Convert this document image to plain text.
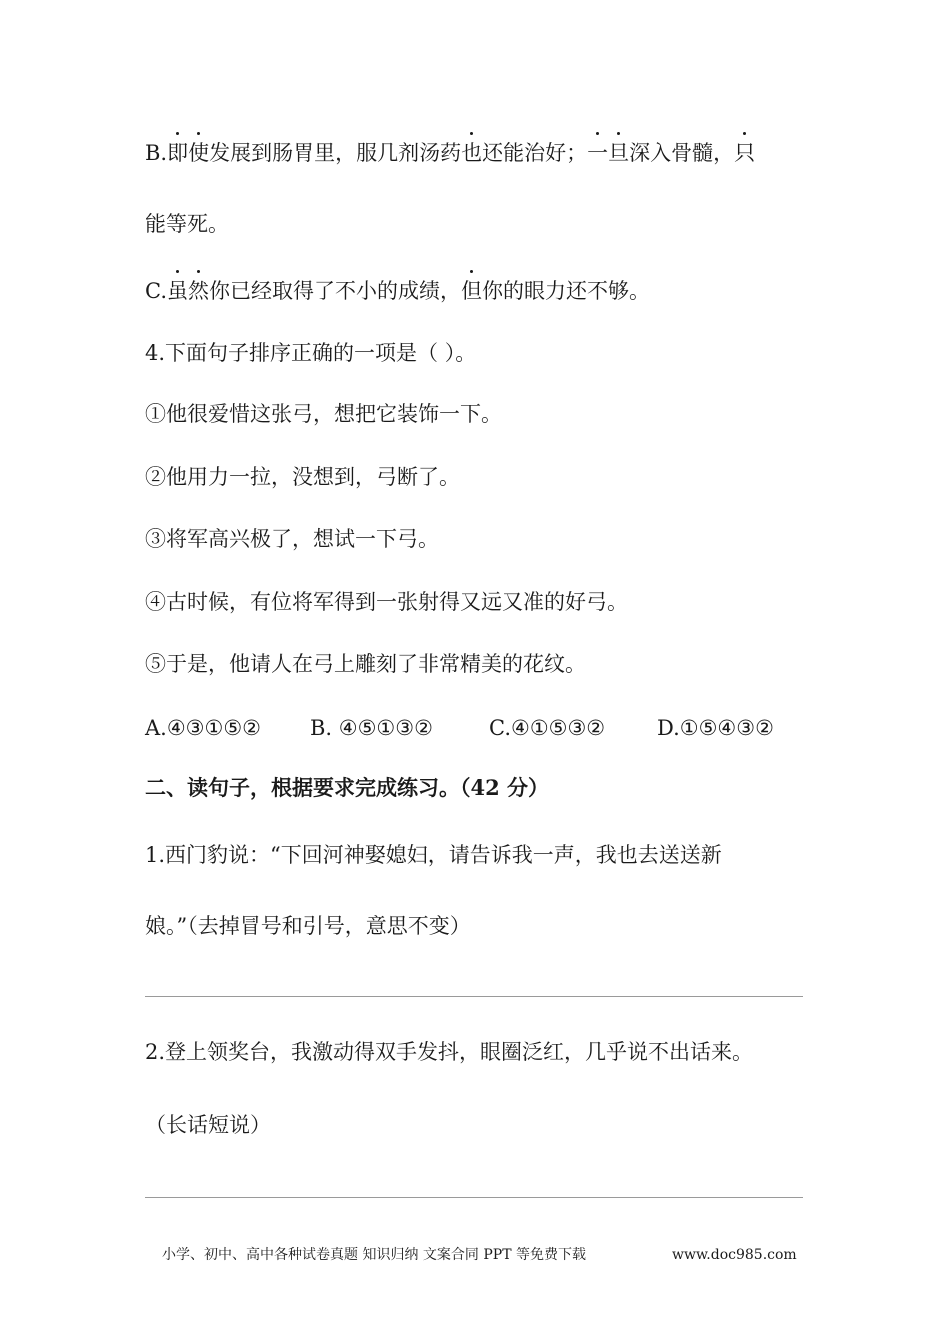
B.即使发展到肠胃里，服几剂汤药也还能治好；一旦深入骨髓，只
能等死。
C.虽然你已经取得了不小的成绩，但你的眼力还不够。
4.下面句子排序正确的一项是（ ）。
①他很爱惜这张弓，想把它装饰一下。
②他用力一拉，没想到，弓断了。
③将军高兴极了，想试一下弓。
④古时候，有位将军得到一张射得又远又准的好弓。
⑤于是，他请人在弓上雕刻了非常精美的花纹。
A.④③①⑤② B. ④⑤①③②	C.④①⑤③② D.①⑤④③②
二、读句子，根据要求完成练习。（42 分）
1.西门豹说：“下回河神娶媳妇，请告诉我一声，我也去送送新
娘。”（去掉冒号和引号，意思不变）
2.登上领奖台，我激动得双手发抖，眼圈泛红，几乎说不出话来。
（长话短说）
小学、初中、高中各种试卷真题 知识归纳 文案合同 PPT 等免费下载	www.doc985.com
